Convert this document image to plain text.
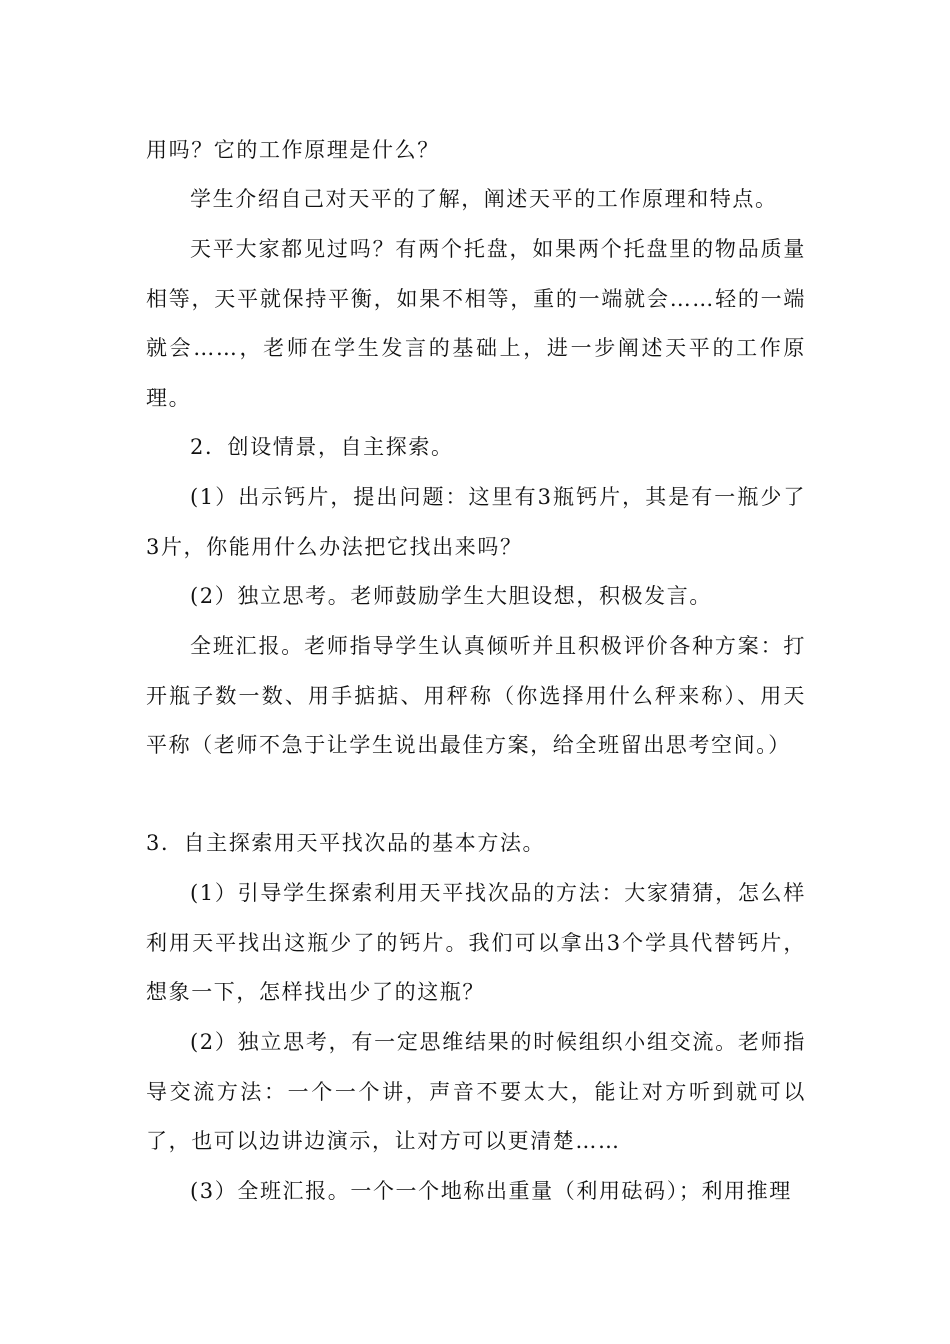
用吗？它的工作原理是什么？

学生介绍自己对天平的了解，阐述天平的工作原理和特点。

天平大家都见过吗？有两个托盘，如果两个托盘里的物品质量相等，天平就保持平衡，如果不相等，重的一端就会……轻的一端就会……，老师在学生发言的基础上，进一步阐述天平的工作原理。

2．创设情景，自主探索。

(1）出示钙片，提出问题：这里有3瓶钙片，其是有一瓶少了3片，你能用什么办法把它找出来吗？

(2）独立思考。老师鼓励学生大胆设想，积极发言。

全班汇报。老师指导学生认真倾听并且积极评价各种方案：打开瓶子数一数、用手掂掂、用秤称（你选择用什么秤来称）、用天平称（老师不急于让学生说出最佳方案，给全班留出思考空间。）

3．自主探索用天平找次品的基本方法。

(1）引导学生探索利用天平找次品的方法：大家猜猜，怎么样利用天平找出这瓶少了的钙片。我们可以拿出3个学具代替钙片，想象一下，怎样找出少了的这瓶？

(2）独立思考，有一定思维结果的时候组织小组交流。老师指导交流方法：一个一个讲，声音不要太大，能让对方听到就可以了，也可以边讲边演示，让对方可以更清楚……

(3）全班汇报。一个一个地称出重量（利用砝码）；利用推理
